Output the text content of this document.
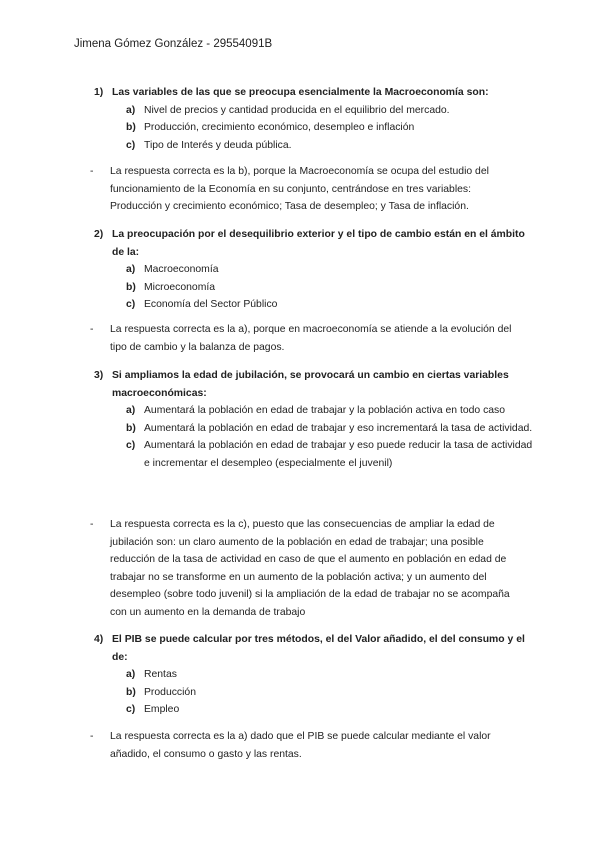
Jimena Gómez González - 29554091B
1) Las variables de las que se preocupa esencialmente la Macroeconomía son:
a) Nivel de precios y cantidad producida en el equilibrio del mercado.
b) Producción, crecimiento económico, desempleo e inflación
c) Tipo de Interés y deuda pública.
-	La respuesta correcta es la b), porque la Macroeconomía se ocupa del estudio del funcionamiento de la Economía en su conjunto, centrándose en tres variables: Producción y crecimiento económico; Tasa de desempleo; y Tasa de inflación.
2) La preocupación por el desequilibrio exterior y el tipo de cambio están en el ámbito de la:
a) Macroeconomía
b) Microeconomía
c) Economía del Sector Público
-	La respuesta correcta es la a), porque en macroeconomía se atiende a la evolución del tipo de cambio y la balanza de pagos.
3) Si ampliamos la edad de jubilación, se provocará un cambio en ciertas variables macroeconómicas:
a) Aumentará la población en edad de trabajar y la población activa en todo caso
b) Aumentará la población en edad de trabajar y eso incrementará la tasa de actividad.
c) Aumentará la población en edad de trabajar y eso puede reducir la tasa de actividad e incrementar el desempleo (especialmente el juvenil)
-	La respuesta correcta es la c), puesto que las consecuencias de ampliar la edad de jubilación son: un claro aumento de la población en edad de trabajar; una posible reducción de la tasa de actividad en caso de que el aumento en población en edad de trabajar no se transforme en un aumento de la población activa; y un aumento del desempleo (sobre todo juvenil) si la ampliación de la edad de trabajar no se acompaña con un aumento en la demanda de trabajo
4) El PIB se puede calcular por tres métodos, el del Valor añadido, el del consumo y el de:
a) Rentas
b) Producción
c) Empleo
-	La respuesta correcta es la a) dado que el PIB se puede calcular mediante el valor añadido, el consumo o gasto y las rentas.
